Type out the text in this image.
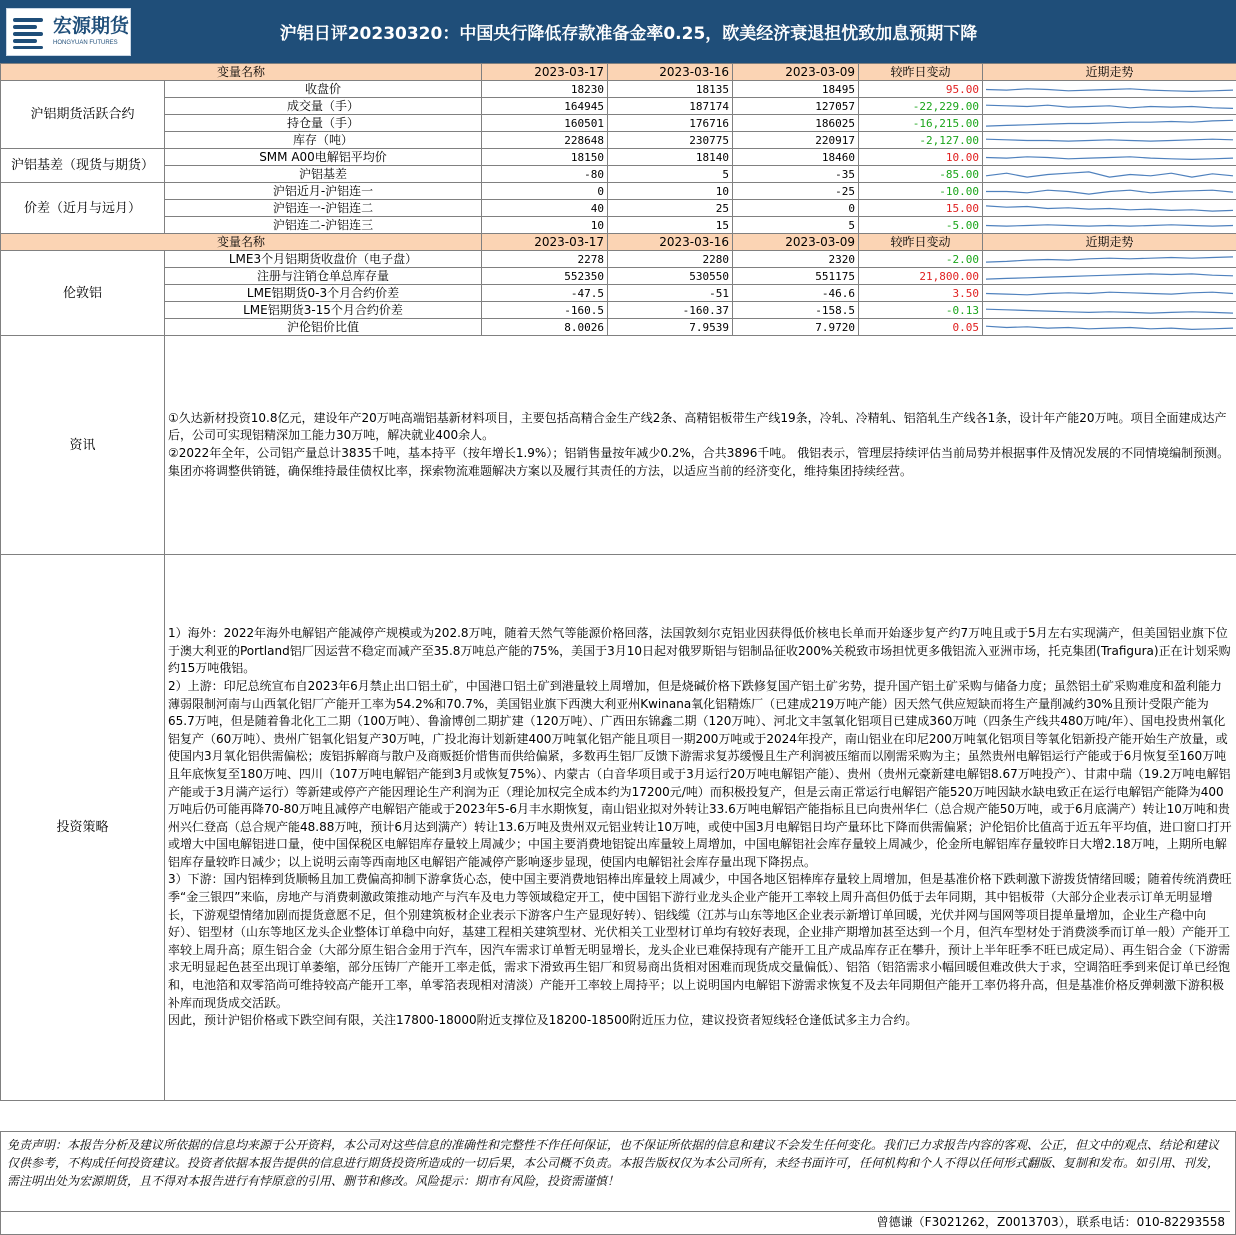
宏源期货
HONGYUAN FUTURES	沪铝日评20230320：中国央行降低存款准备金率0.25，欧美经济衰退担忧致加息预期下降
变量名称		2023-03-17	2023-03-16	2023-03-09	较昨日变动	近期走势
沪铝期货活跃合约	收盘价	18230	18135	18495	95.00	

	成交量（手）	164945	187174	127057	-22,229.00	

	持仓量（手）	160501	176716	186025	-16,215.00	

	库存（吨）	228648	230775	220917	-2,127.00	

沪铝基差（现货与期货）	SMM A00电解铝平均价	18150	18140	18460	10.00	

	沪铝基差	-80	5	-35	-85.00	

价差（近月与远月）	沪铝近月-沪铝连一	0	10	-25	-10.00	

	沪铝连一-沪铝连二	40	25	0	15.00	

	沪铝连二-沪铝连三	10	15	5	-5.00	

变量名称		2023-03-17	2023-03-16	2023-03-09	较昨日变动	近期走势
伦敦铝	LME3个月铝期货收盘价（电子盘）	2278	2280	2320	-2.00	

	注册与注销仓单总库存量	552350	530550	551175	21,800.00	

	LME铝期货0-3个月合约价差	-47.5	-51	-46.6	3.50	

	LME铝期货3-15个月合约价差	-160.5	-160.37	-158.5	-0.13	

	沪伦铝价比值	8.0026	7.9539	7.9720	0.05	

资讯	①久达新材投资10.8亿元，建设年产20万吨高端铝基新材料项目，主要包括高精合金生产线2条、高精铝板带生产线19条，冷轧、冷精轧、铝箔轧生产线各1条，设计年产能20万吨。项目全面建成达产后，公司可实现铝精深加工能力30万吨，解决就业400余人。

②2022年全年，公司铝产量总计3835千吨，基本持平（按年增长1.9%）；铝销售量按年减少0.2%，合共3896千吨。 俄铝表示，管理层持续评估当前局势并根据事件及情况发展的不同情境编制预测。集团亦将调整供销链，确保维持最佳债权比率，探索物流难题解决方案以及履行其责任的方法，以适应当前的经济变化，维持集团持续经营。					

投资策略	1）海外：2022年海外电解铝产能减停产规模或为202.8万吨，随着天然气等能源价格回落，法国敦刻尔克铝业因获得低价核电长单而开始逐步复产约7万吨且或于5月左右实现满产，但美国铝业旗下位于澳大利亚的Portland铝厂因运营不稳定而减产至35.8万吨总产能的75%，美国于3月10日起对俄罗斯铝与铝制品征收200%关税致市场担忧更多俄铝流入亚洲市场，托克集团(Trafigura)正在计划采购约15万吨俄铝。

2）上游：印尼总统宣布自2023年6月禁止出口铝土矿，中国港口铝土矿到港量较上周增加，但是烧碱价格下跌修复国产铝土矿劣势，提升国产铝土矿采购与储备力度；虽然铝土矿采购难度和盈利能力薄弱限制河南与山西氧化铝厂产能开工率为54.2%和70.7%，美国铝业旗下西澳大利亚州Kwinana氧化铝精炼厂（已建成219万吨产能）因天然气供应短缺而将生产量削减约30%且预计受限产能为65.7万吨，但是随着鲁北化工二期（100万吨）、鲁渝博创二期扩建（120万吨）、广西田东锦鑫二期（120万吨）、河北文丰氢氧化铝项目已建成360万吨（四条生产线共480万吨/年）、国电投贵州氧化铝复产（60万吨）、贵州广铝氧化铝复产30万吨，广投北海计划新建400万吨氧化铝产能且项目一期200万吨或于2024年投产，南山铝业在印尼200万吨氧化铝项目等氧化铝新投产能开始生产放量，或使国内3月氧化铝供需偏松；废铝拆解商与散户及商贩挺价惜售而供给偏紧，多数再生铝厂反馈下游需求复苏缓慢且生产利润被压缩而以刚需采购为主；虽然贵州电解铝运行产能或于6月恢复至160万吨且年底恢复至180万吨、四川（107万吨电解铝产能到3月或恢复75%）、内蒙古（白音华项目或于3月运行20万吨电解铝产能）、贵州（贵州元豪新建电解铝8.67万吨投产）、甘肃中瑞（19.2万吨电解铝产能或于3月满产运行）等新建或停产产能因理论生产利润为正（理论加权完全成本约为17200元/吨）而积极投复产，但是云南正常运行电解铝产能520万吨因缺水缺电致正在运行电解铝产能降为400万吨后仍可能再降70-80万吨且减停产电解铝产能或于2023年5-6月丰水期恢复，南山铝业拟对外转让33.6万吨电解铝产能指标且已向贵州华仁（总合规产能50万吨，或于6月底满产）转让10万吨和贵州兴仁登高（总合规产能48.88万吨，预计6月达到满产）转让13.6万吨及贵州双元铝业转让10万吨，或使中国3月电解铝日均产量环比下降而供需偏紧；沪伦铝价比值高于近五年平均值，进口窗口打开或增大中国电解铝进口量，使中国保税区电解铝库存量较上周减少；中国主要消费地铝锭出库量较上周增加，中国电解铝社会库存量较上周减少，伦金所电解铝库存量较昨日大增2.18万吨，上期所电解铝库存量较昨日减少；以上说明云南等西南地区电解铝产能减停产影响逐步显现，使国内电解铝社会库存量出现下降拐点。

3）下游：国内铝棒到货顺畅且加工费偏高抑制下游拿货心态，使中国主要消费地铝棒出库量较上周减少，中国各地区铝棒库存量较上周增加，但是基准价格下跌刺激下游拨货情绪回暖；随着传统消费旺季“金三银四”来临，房地产与消费刺激政策推动地产与汽车及电力等领域稳定开工，使中国铝下游行业龙头企业产能开工率较上周升高但仍低于去年同期，其中铝板带（大部分企业表示订单无明显增长，下游观望情绪加剧而提货意愿不足，但个别建筑板材企业表示下游客户生产显现好转）、铝线缆（江苏与山东等地区企业表示新增订单回暖，光伏并网与国网等项目提单量增加，企业生产稳中向好）、铝型材（山东等地区龙头企业整体订单稳中向好，基建工程相关建筑型材、光伏相关工业型材订单均有较好表现，企业排产期增加甚至达到一个月，但汽车型材处于消费淡季而订单一般）产能开工率较上周升高；原生铝合金（大部分原生铝合金用于汽车，因汽车需求订单暂无明显增长，龙头企业已难保持现有产能开工且产成品库存正在攀升，预计上半年旺季不旺已成定局）、再生铝合金（下游需求无明显起色甚至出现订单萎缩，部分压铸厂产能开工率走低，需求下滑致再生铝厂和贸易商出货相对困难而现货成交量偏低）、铝箔（铝箔需求小幅回暖但难改供大于求，空调箔旺季到来促订单已经饱和，电池箔和双零箔尚可维持较高产能开工率，单零箔表现相对清淡）产能开工率较上周持平；以上说明国内电解铝下游需求恢复不及去年同期但产能开工率仍将升高，但是基准价格反弹刺激下游积极补库而现货成交活跃。

因此，预计沪铝价格或下跌空间有限，关注17800-18000附近支撑位及18200-18500附近压力位，建议投资者短线轻仓逢低试多主力合约。					

免责声明：本报告分析及建议所依据的信息均来源于公开资料，本公司对这些信息的准确性和完整性不作任何保证，也不保证所依据的信息和建议不会发生任何变化。我们已力求报告内容的客观、公正，但文中的观点、结论和建议仅供参考，不构成任何投资建议。投资者依据本报告提供的信息进行期货投资所造成的一切后果，本公司概不负责。本报告版权仅为本公司所有，未经书面许可，任何机构和个人不得以任何形式翻版、复制和发布。如引用、刊发，需注明出处为宏源期货，且不得对本报告进行有悖原意的引用、删节和修改。风险提示：期市有风险，投资需谨慎！
曾德谦（F3021262，Z0013703），联系电话：010-82293558
